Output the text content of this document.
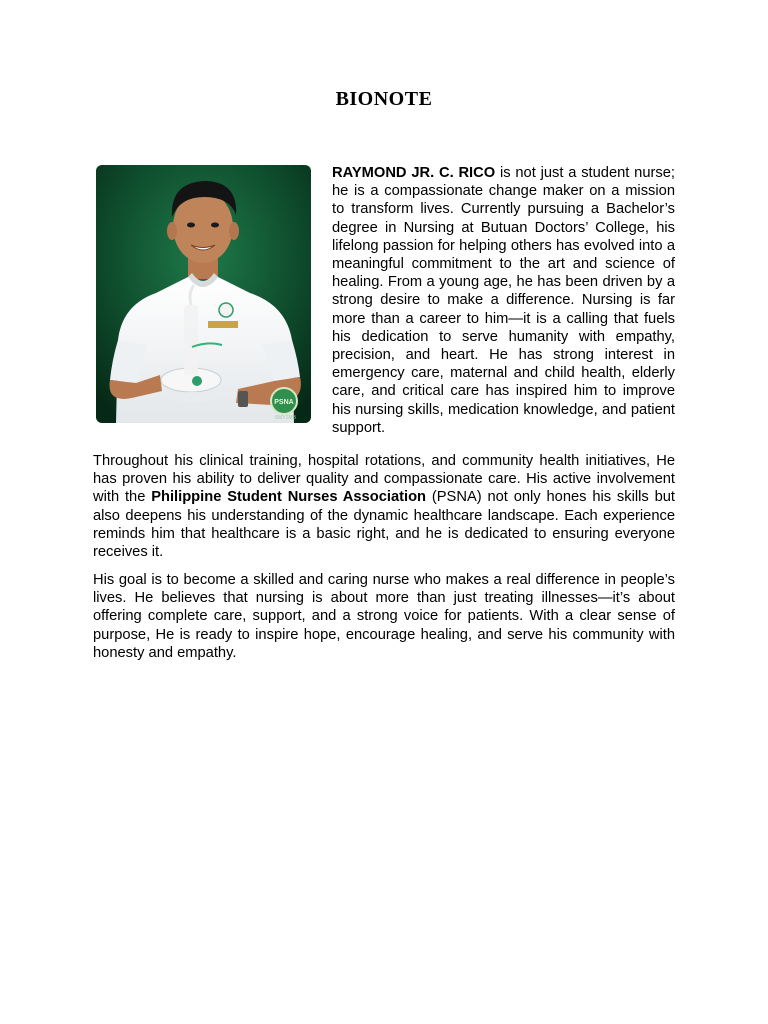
BIONOTE
PSNA
SMYZMB

RAYMOND JR. C. RICO is not just a student nurse; he is a compassionate change maker on a mission to transform lives. Currently pursuing a Bachelor’s degree in Nursing at Butuan Doctors’ College, his lifelong passion for helping others has evolved into a meaningful commitment to the art and science of healing. From a young age, he has been driven by a strong desire to make a difference. Nursing is far more than a career to him—it is a calling that fuels his dedication to serve humanity with empathy, precision, and heart. He has strong interest in emergency care, maternal and child health, elderly care, and critical care has inspired him to improve his nursing skills, medication knowledge, and patient support.

Throughout his clinical training, hospital rotations, and community health initiatives, He has proven his ability to deliver quality and compassionate care. His active involvement with the Philippine Student Nurses Association (PSNA) not only hones his skills but also deepens his understanding of the dynamic healthcare landscape. Each experience reminds him that healthcare is a basic right, and he is dedicated to ensuring everyone receives it.

His goal is to become a skilled and caring nurse who makes a real difference in people’s lives. He believes that nursing is about more than just treating illnesses—it’s about offering complete care, support, and a strong voice for patients. With a clear sense of purpose, He is ready to inspire hope, encourage healing, and serve his community with honesty and empathy.
